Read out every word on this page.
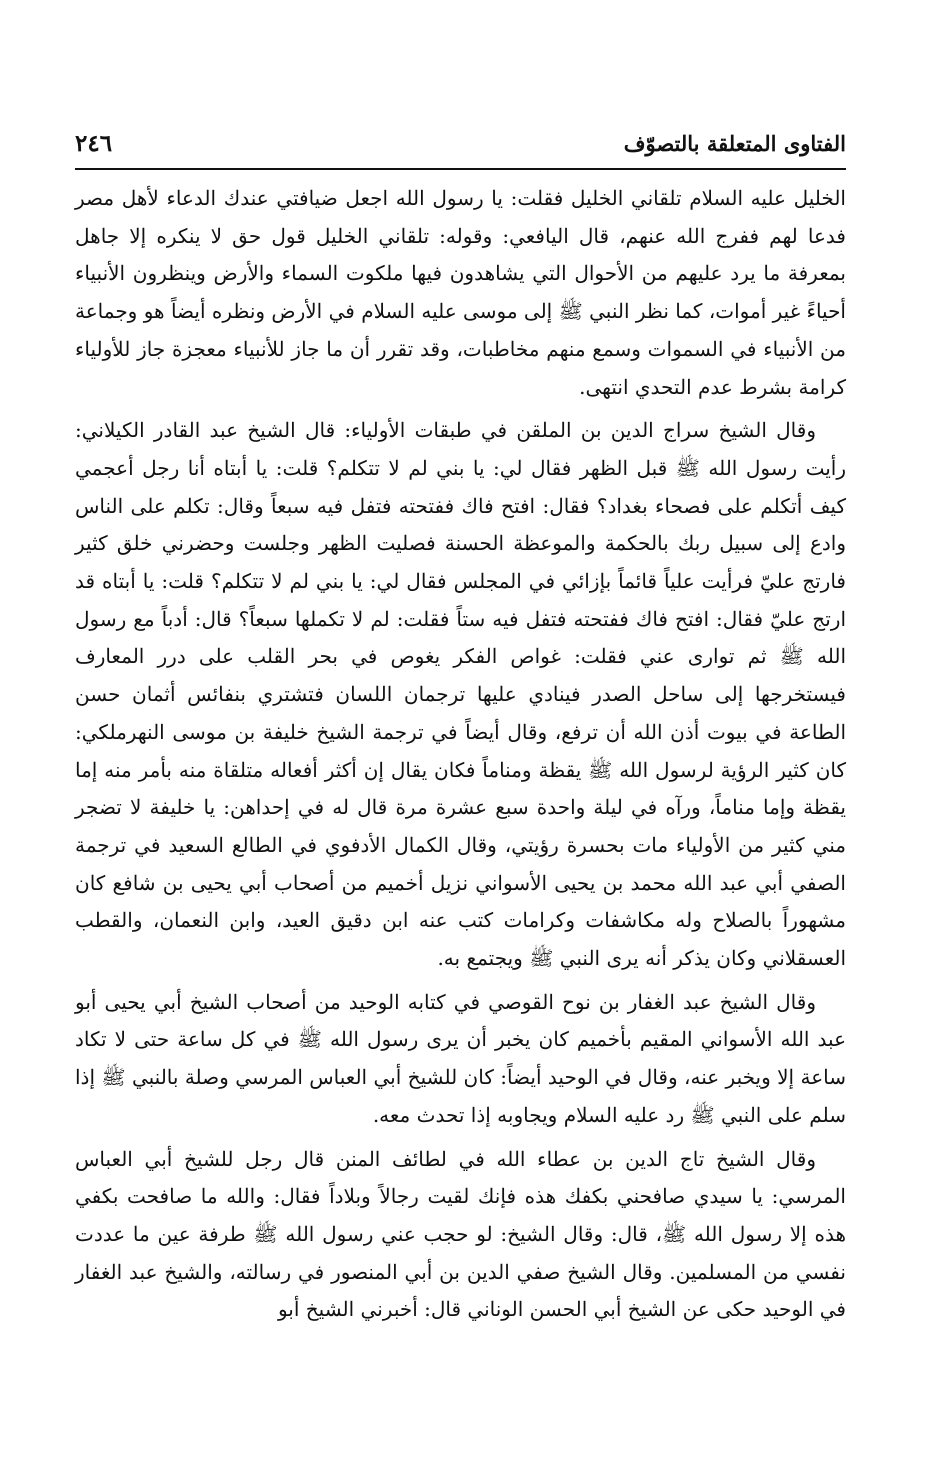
الفتاوى المتعلقة بالتصوّف
٢٤٦

الخليل عليه السلام تلقاني الخليل فقلت: يا رسول الله اجعل ضيافتي عندك الدعاء لأهل مصر فدعا لهم ففرج الله عنهم، قال اليافعي: وقوله: تلقاني الخليل قول حق لا ينكره إلا جاهل بمعرفة ما يرد عليهم من الأحوال التي يشاهدون فيها ملكوت السماء والأرض وينظرون الأنبياء أحياءً غير أموات، كما نظر النبي ﷺ إلى موسى عليه السلام في الأرض ونظره أيضاً هو وجماعة من الأنبياء في السموات وسمع منهم مخاطبات، وقد تقرر أن ما جاز للأنبياء معجزة جاز للأولياء كرامة بشرط عدم التحدي انتهى.

وقال الشيخ سراج الدين بن الملقن في طبقات الأولياء: قال الشيخ عبد القادر الكيلاني: رأيت رسول الله ﷺ قبل الظهر فقال لي: يا بني لم لا تتكلم؟ قلت: يا أبتاه أنا رجل أعجمي كيف أتكلم على فصحاء بغداد؟ فقال: افتح فاك ففتحته فتفل فيه سبعاً وقال: تكلم على الناس وادع إلى سبيل ربك بالحكمة والموعظة الحسنة فصليت الظهر وجلست وحضرني خلق كثير فارتج عليّ فرأيت علياً قائماً بإزائي في المجلس فقال لي: يا بني لم لا تتكلم؟ قلت: يا أبتاه قد ارتج عليّ فقال: افتح فاك ففتحته فتفل فيه ستاً فقلت: لم لا تكملها سبعاً؟ قال: أدباً مع رسول الله ﷺ ثم توارى عني فقلت: غواص الفكر يغوص في بحر القلب على درر المعارف فيستخرجها إلى ساحل الصدر فينادي عليها ترجمان اللسان فتشتري بنفائس أثمان حسن الطاعة في بيوت أذن الله أن ترفع، وقال أيضاً في ترجمة الشيخ خليفة بن موسى النهرملكي: كان كثير الرؤية لرسول الله ﷺ يقظة ومناماً فكان يقال إن أكثر أفعاله متلقاة منه بأمر منه إما يقظة وإما مناماً، ورآه في ليلة واحدة سبع عشرة مرة قال له في إحداهن: يا خليفة لا تضجر مني كثير من الأولياء مات بحسرة رؤيتي، وقال الكمال الأدفوي في الطالع السعيد في ترجمة الصفي أبي عبد الله محمد بن يحيى الأسواني نزيل أخميم من أصحاب أبي يحيى بن شافع كان مشهوراً بالصلاح وله مكاشفات وكرامات كتب عنه ابن دقيق العيد، وابن النعمان، والقطب العسقلاني وكان يذكر أنه يرى النبي ﷺ ويجتمع به.

وقال الشيخ عبد الغفار بن نوح القوصي في كتابه الوحيد من أصحاب الشيخ أبي يحيى أبو عبد الله الأسواني المقيم بأخميم كان يخبر أن يرى رسول الله ﷺ في كل ساعة حتى لا تكاد ساعة إلا ويخبر عنه، وقال في الوحيد أيضاً: كان للشيخ أبي العباس المرسي وصلة بالنبي ﷺ إذا سلم على النبي ﷺ رد عليه السلام ويجاوبه إذا تحدث معه.

وقال الشيخ تاج الدين بن عطاء الله في لطائف المنن قال رجل للشيخ أبي العباس المرسي: يا سيدي صافحني بكفك هذه فإنك لقيت رجالاً وبلاداً فقال: والله ما صافحت بكفي هذه إلا رسول الله ﷺ، قال: وقال الشيخ: لو حجب عني رسول الله ﷺ طرفة عين ما عددت نفسي من المسلمين. وقال الشيخ صفي الدين بن أبي المنصور في رسالته، والشيخ عبد الغفار في الوحيد حكى عن الشيخ أبي الحسن الوناني قال: أخبرني الشيخ أبو
